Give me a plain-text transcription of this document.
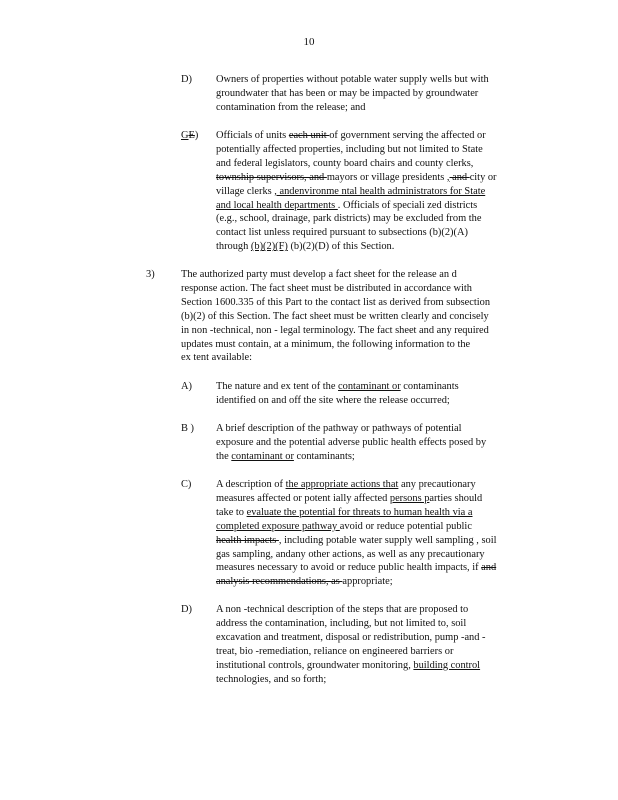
10
D) Owners of properties without potable water supply wells but with
groundwater that has been or may be impacted by groundwater
contamination from the release; and
GE) Officials of units each unit of government serving the affected or
potentially affected properties, including but not limited to State
and federal legislators, county board chairs and county clerks,
township supervisors, and mayors or village presidents , and city or
village clerks , andenvironme ntal health administrators for State
and local health departments . Officials of speciali zed districts
(e.g., school, drainage, park districts) may be excluded from the
contact list unless required pursuant to subsections (b)(2)(A)
through (b)(2)(F) (b)(2)(D) of this Section.
3)	The authorized party must develop a fact sheet for the release an d
response action. The fact sheet must be distributed in accordance with
Section 1600.335 of this Part to the contact list as derived from subsection
(b)(2) of this Section. The fact sheet must be written clearly and concisely
in non -technical, non - legal terminology. The fact sheet and any required
updates must contain, at a minimum, the following information to the
ex tent available:
A) The nature and ex tent of the contaminant or contaminants
identified on and off the site where the release occurred;
B ) A brief description of the pathway or pathways of potential
exposure and the potential adverse public health effects posed by
the contaminant or contaminants;
C) A description of the appropriate actions that any precautionary
measures affected or potent ially affected persons parties should
take to evaluate the potential for threats to human health via a
completed exposure pathway avoid or reduce potential public
health impacts , including potable water supply well sampling , soil
gas sampling, andany other actions, as well as any precautionary
measures necessary to avoid or reduce public health impacts, if and
analysis recommendations, as appropriate;
D) A non -technical description of the steps that are proposed to
address the contamination, including, but not limited to, soil
excavation and treatment, disposal or redistribution, pump -and -
treat, bio -remediation, reliance on engineered barriers or
institutional controls, groundwater monitoring, building control
technologies, and so forth;
